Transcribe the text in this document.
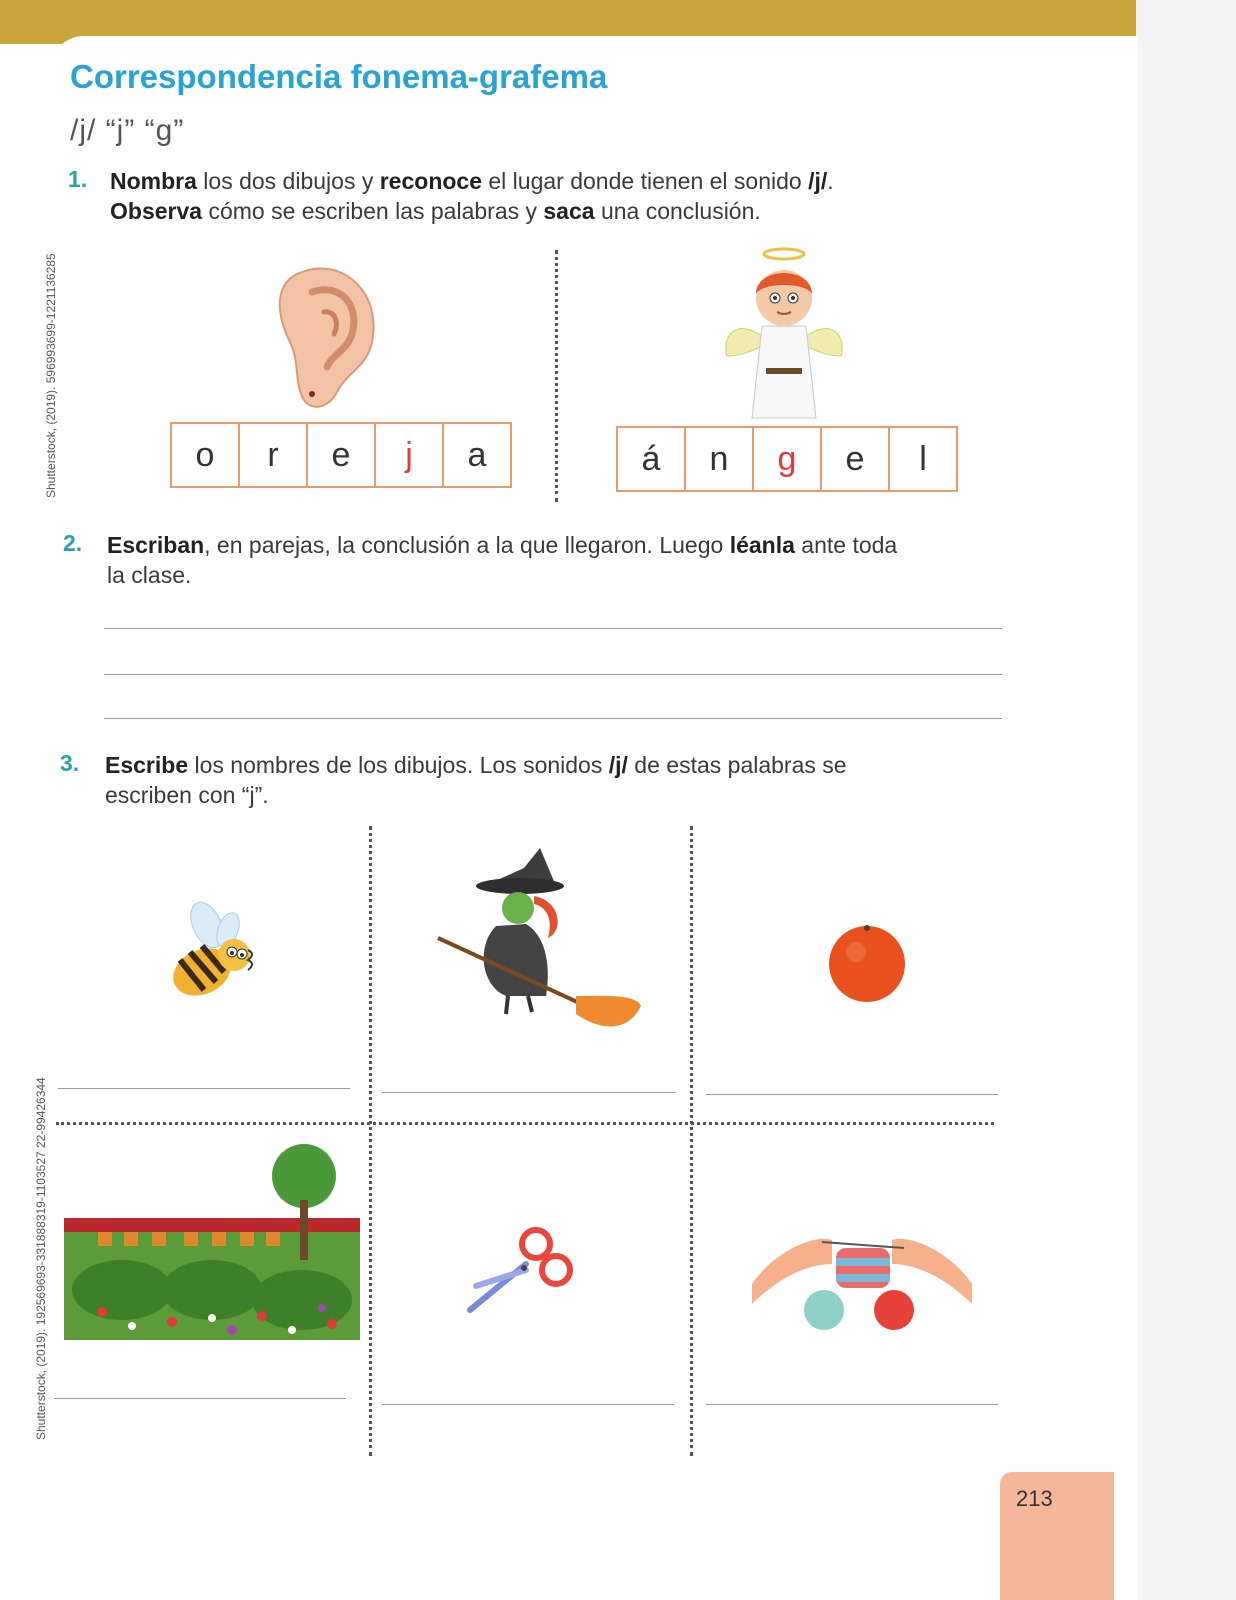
Correspondencia fonema-grafema
/j/ “j” “g”
1. Nombra los dos dibujos y reconoce el lugar donde tienen el sonido /j/.
Observa cómo se escriben las palabras y saca una conclusión.
Shutterstock, (2019). 596993699-1221136285	o	r	e	j	a	á	n	g	e	l
2. Escriban, en parejas, la conclusión a la que llegaron. Luego léanla ante toda
la clase.
3. Escribe los nombres de los dibujos. Los sonidos /j/ de estas palabras se
escriben con “j”.
Shutterstock, (2019). 192569693-331888319-1103527 22-99426344
213
